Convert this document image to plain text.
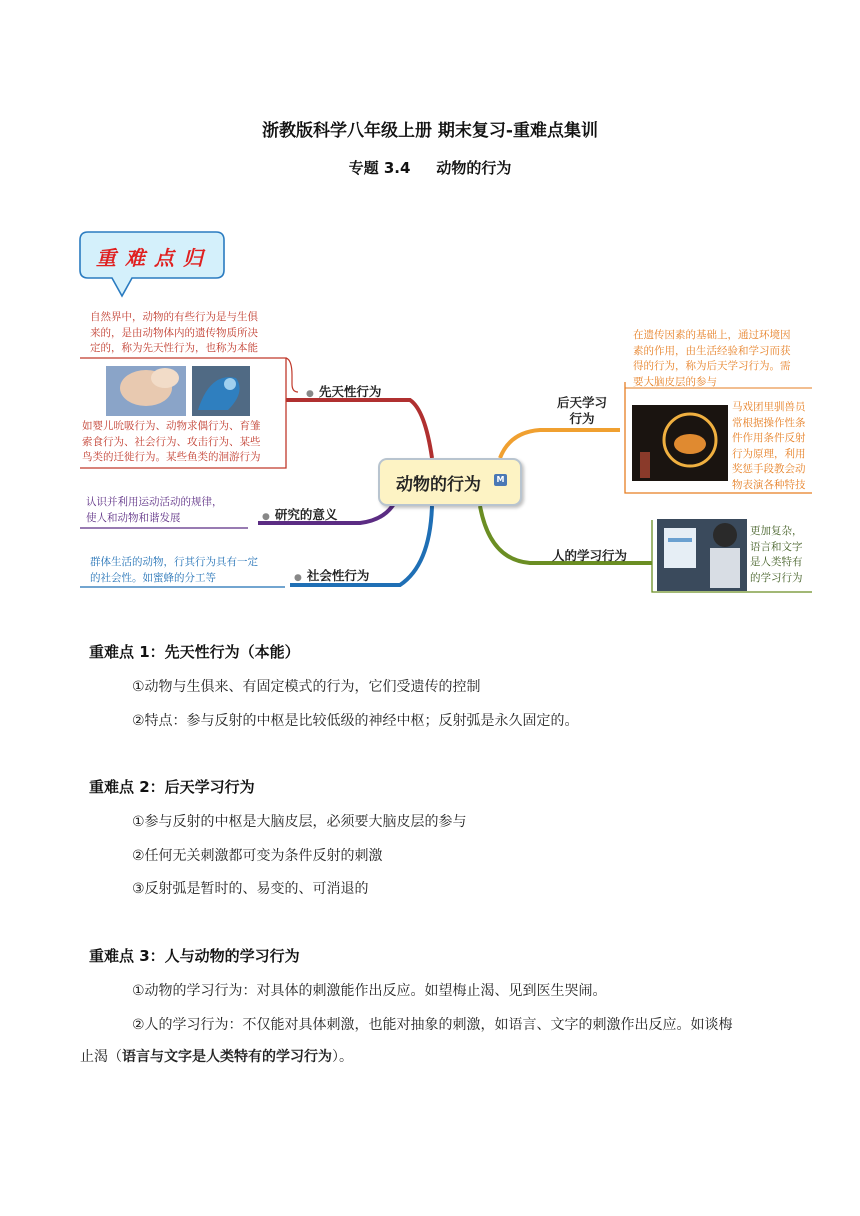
浙教版科学八年级上册 期末复习-重难点集训
专题 3.4 动物的行为
重难点归
动物的行为	M
● 先天性行为
● 研究的意义
● 社会性行为
后天学习
行为
人的学习行为
自然界中，动物的有些行为是与生俱
来的，是由动物体内的遗传物质所决
定的，称为先天性行为，也称为本能
如婴儿吮吸行为、动物求偶行为、育雏
索食行为、社会行为、攻击行为、某些
鸟类的迁徙行为。某些鱼类的洄游行为
认识并利用运动活动的规律，
使人和动物和谐发展
群体生活的动物，行其行为具有一定
的社会性。如蜜蜂的分工等
在遗传因素的基础上，通过环境因
素的作用，由生活经验和学习而获
得的行为，称为后天学习行为。需
要大脑皮层的参与
马戏团里驯兽员
常根据操作性条
件作用条件反射
行为原理，利用
奖惩手段教会动
物表演各种特技
更加复杂，
语言和文字
是人类特有
的学习行为
重难点 1：先天性行为（本能）
①动物与生俱来、有固定模式的行为，它们受遗传的控制
②特点：参与反射的中枢是比较低级的神经中枢；反射弧是永久固定的。
重难点 2：后天学习行为
①参与反射的中枢是大脑皮层，必须要大脑皮层的参与
②任何无关刺激都可变为条件反射的刺激
③反射弧是暂时的、易变的、可消退的
重难点 3：人与动物的学习行为
①动物的学习行为：对具体的刺激能作出反应。如望梅止渴、见到医生哭闹。
②人的学习行为：不仅能对具体刺激，也能对抽象的刺激，如语言、文字的刺激作出反应。如谈梅
止渴（语言与文字是人类特有的学习行为）。
